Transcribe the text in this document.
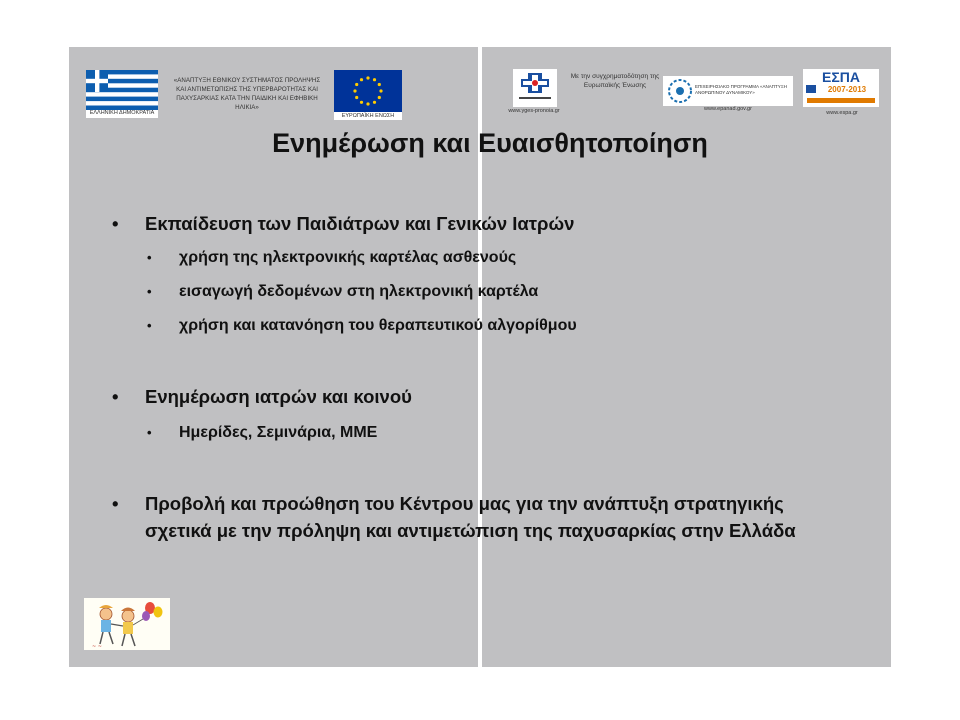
ΕΛΛΗΝΙΚΗ ΔΗΜΟΚΡΑΤΙΑ
«ΑΝΑΠΤΥΞΗ ΕΘΝΙΚΟΥ ΣΥΣΤΗΜΑΤΟΣ ΠΡΟΛΗΨΗΣ ΚΑΙ ΑΝΤΙΜΕΤΩΠΙΣΗΣ ΤΗΣ ΥΠΕΡΒΑΡΟΤΗΤΑΣ ΚΑΙ ΠΑΧΥΣΑΡΚΙΑΣ ΚΑΤΑ ΤΗΝ ΠΑΙΔΙΚΗ ΚΑΙ ΕΦΗΒΙΚΗ ΗΛΙΚΙΑ»
ΕΥΡΩΠΑΪΚΗ ΕΝΩΣΗ
www.yges-pronoia.gr
Με την συγχρηματοδότηση της Ευρωπαϊκής Ένωσης	ΕΠΙΧΕΙΡΗΣΙΑΚΟ ΠΡΟΓΡΑΜΜΑ «ΑΝΑΠΤΥΞΗ ΑΝΘΡΩΠΙΝΟΥ ΔΥΝΑΜΙΚΟΥ»
www.epanad.gov.gr
ΕΣΠΑ
2007-2013
www.espa.gr
Ενημέρωση και Ευαισθητοποίηση
• Εκπαίδευση των Παιδιάτρων και Γενικών Ιατρών
• χρήση της ηλεκτρονικής καρτέλας ασθενούς
• εισαγωγή δεδομένων στη ηλεκτρονική καρτέλα
• χρήση και κατανόηση του θεραπευτικού αλγορίθμου
• Ενημέρωση ιατρών και κοινού
• Ημερίδες, Σεμινάρια, ΜΜΕ
• Προβολή και προώθηση του Κέντρου μας για την ανάπτυξη στρατηγικής σχετικά με την πρόληψη και αντιμετώπιση της παχυσαρκίας στην Ελλάδα
~ ~
